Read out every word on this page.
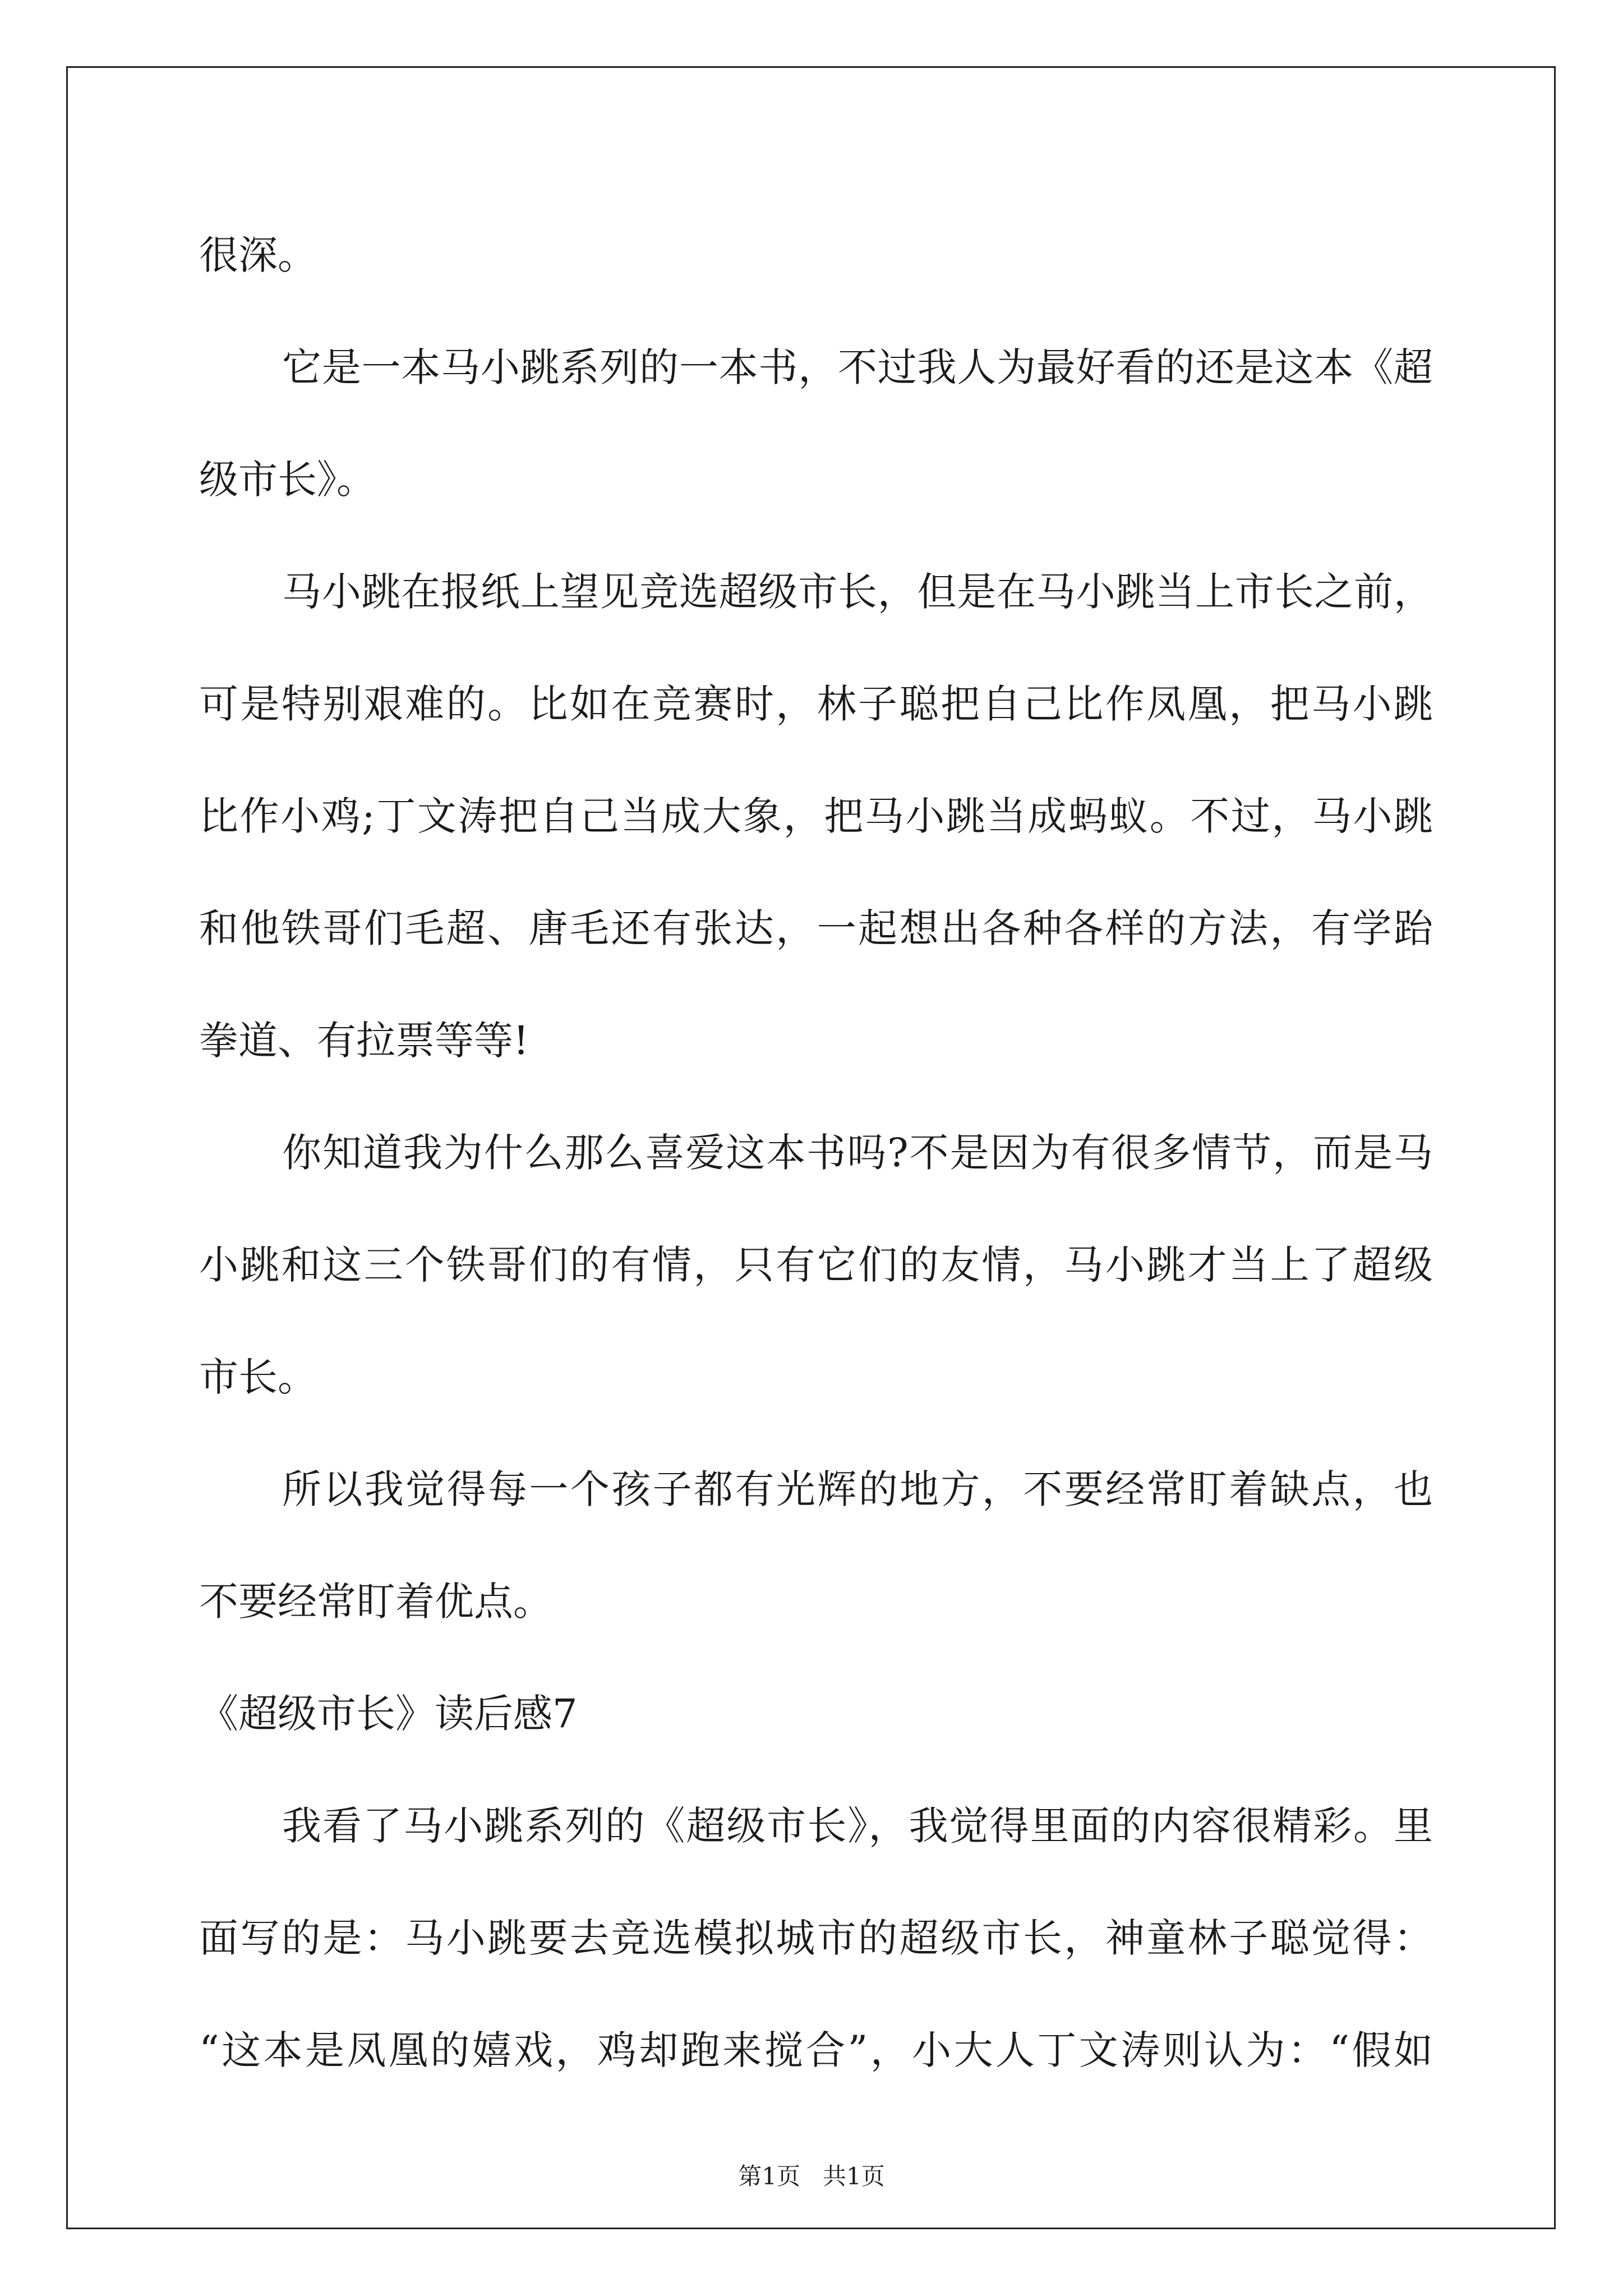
很深。
它是一本马小跳系列的一本书，不过我人为最好看的还是这本《超
级市长》。
马小跳在报纸上望见竞选超级市长，但是在马小跳当上市长之前，
可是特别艰难的。比如在竞赛时，林子聪把自己比作凤凰，把马小跳
比作小鸡;丁文涛把自己当成大象，把马小跳当成蚂蚁。不过，马小跳
和他铁哥们毛超、唐毛还有张达，一起想出各种各样的方法，有学跆
拳道、有拉票等等!
你知道我为什么那么喜爱这本书吗?不是因为有很多情节，而是马
小跳和这三个铁哥们的有情，只有它们的友情，马小跳才当上了超级
市长。
所以我觉得每一个孩子都有光辉的地方，不要经常盯着缺点，也
不要经常盯着优点。
《超级市长》读后感7
我看了马小跳系列的《超级市长》，我觉得里面的内容很精彩。里
面写的是：马小跳要去竞选模拟城市的超级市长，神童林子聪觉得：
“这本是凤凰的嬉戏，鸡却跑来搅合”，小大人丁文涛则认为：“假如
第1页   共1页
